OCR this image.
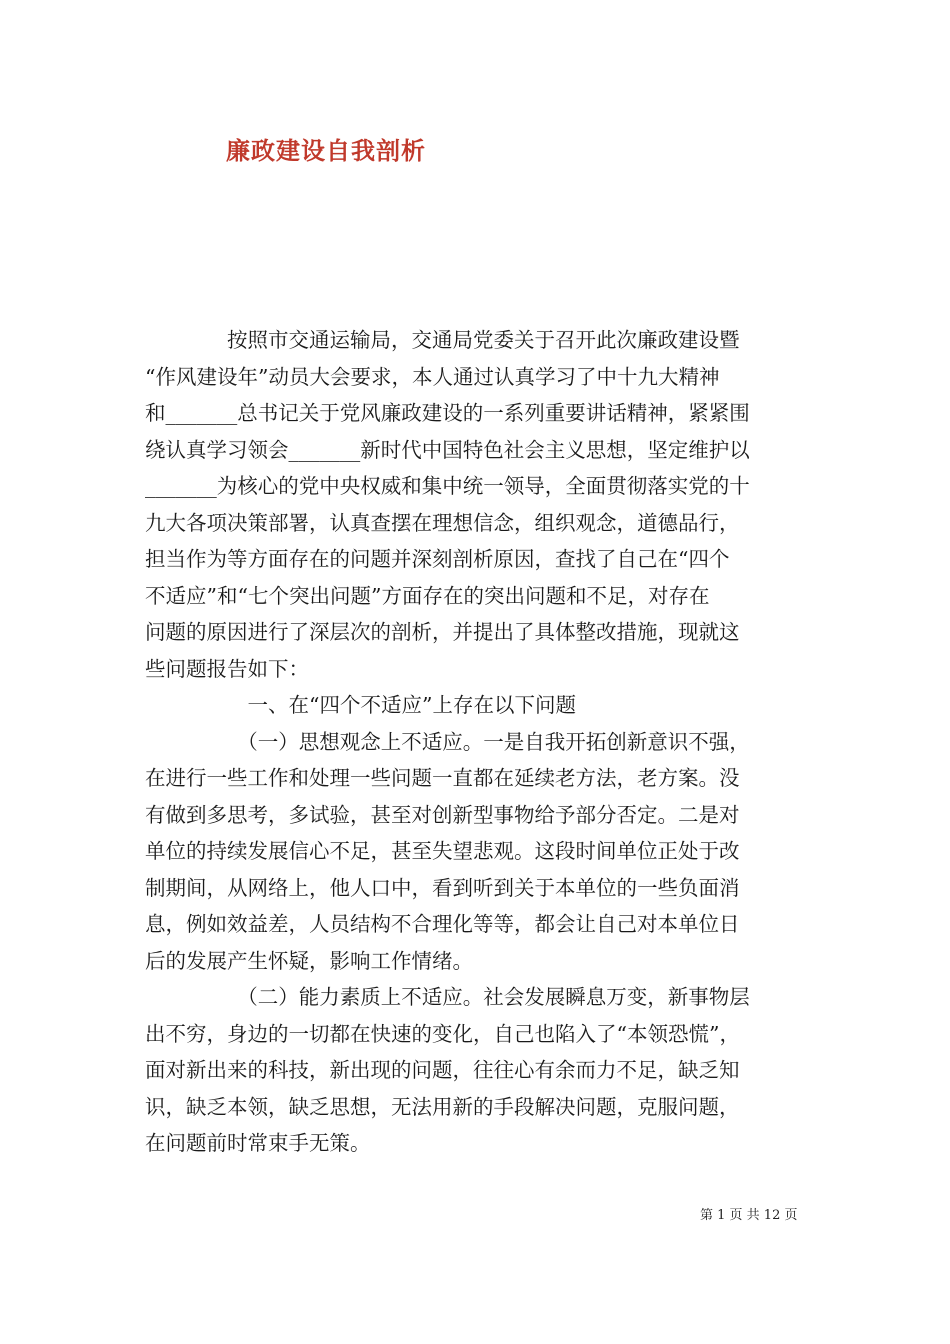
廉政建设自我剖析
　　　　按照市交通运输局，交通局党委关于召开此次廉政建设暨
“作风建设年”动员大会要求，本人通过认真学习了中十九大精神
和_______总书记关于党风廉政建设的一系列重要讲话精神，紧紧围
绕认真学习领会_______新时代中国特色社会主义思想，坚定维护以
_______为核心的党中央权威和集中统一领导，全面贯彻落实党的十
九大各项决策部署，认真查摆在理想信念，组织观念，道德品行，
担当作为等方面存在的问题并深刻剖析原因，查找了自己在“四个
不适应”和“七个突出问题”方面存在的突出问题和不足，对存在
问题的原因进行了深层次的剖析，并提出了具体整改措施，现就这
些问题报告如下：
　　　　　一、在“四个不适应”上存在以下问题
　　　　　（一）思想观念上不适应。一是自我开拓创新意识不强，
在进行一些工作和处理一些问题一直都在延续老方法，老方案。没
有做到多思考，多试验，甚至对创新型事物给予部分否定。二是对
单位的持续发展信心不足，甚至失望悲观。这段时间单位正处于改
制期间，从网络上，他人口中，看到听到关于本单位的一些负面消
息，例如效益差，人员结构不合理化等等，都会让自己对本单位日
后的发展产生怀疑，影响工作情绪。
　　　　　（二）能力素质上不适应。社会发展瞬息万变，新事物层
出不穷，身边的一切都在快速的变化，自己也陷入了“本领恐慌”，
面对新出来的科技，新出现的问题，往往心有余而力不足，缺乏知
识，缺乏本领，缺乏思想，无法用新的手段解决问题，克服问题，
在问题前时常束手无策。
第 1 页 共 12 页
